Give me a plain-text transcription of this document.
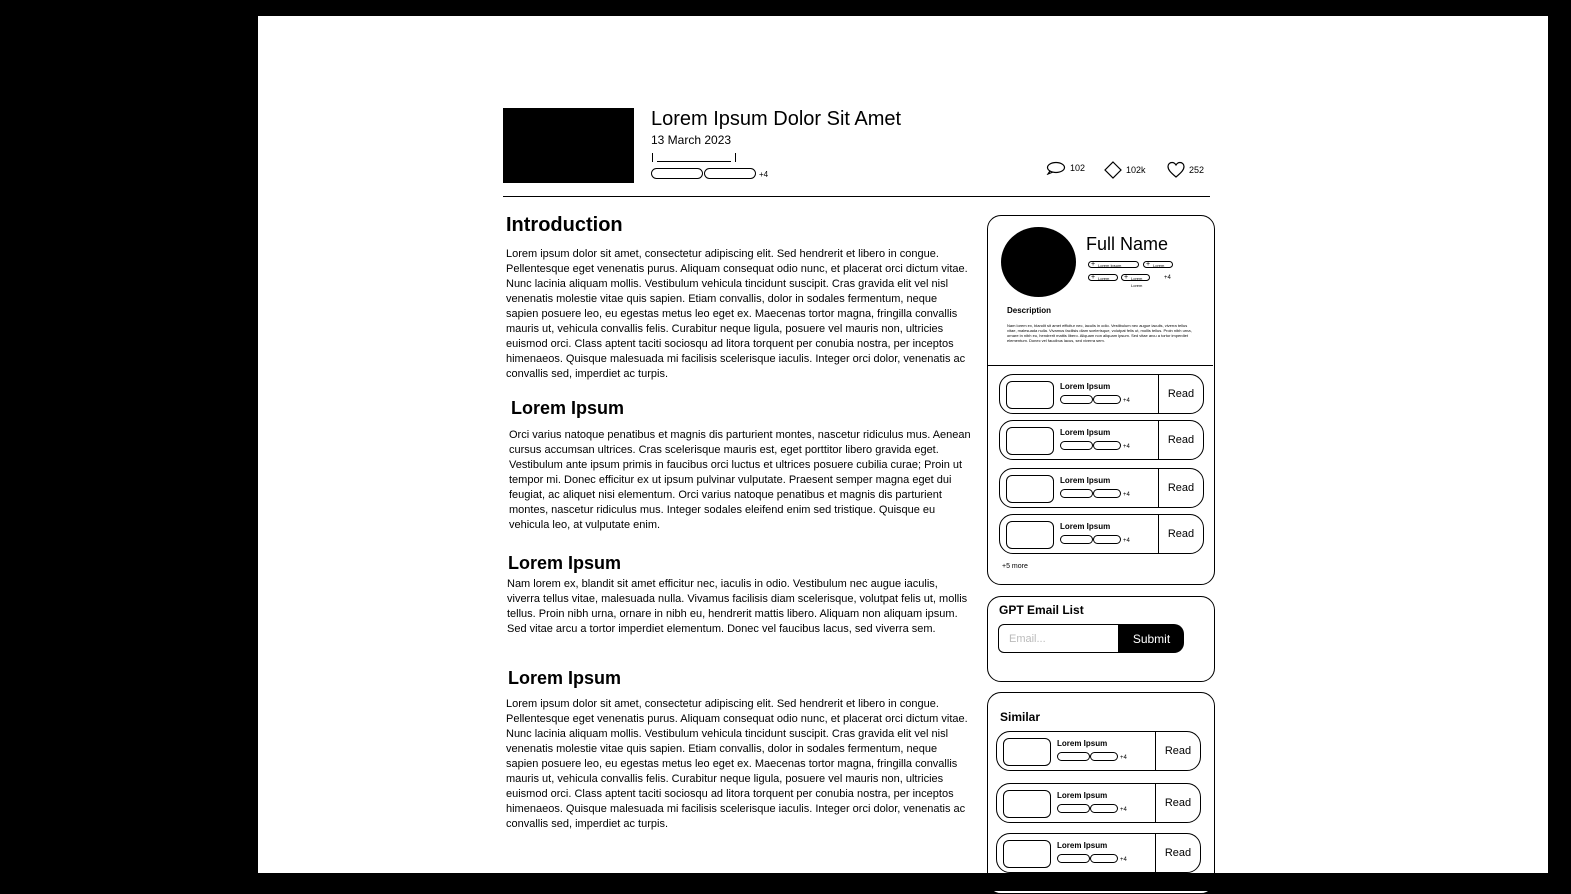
Lorem Ipsum Dolor Sit Amet
13 March 2023
+4
102	102k	252
Introduction
Lorem ipsum dolor sit amet, consectetur adipiscing elit. Sed hendrerit et libero in congue. Pellentesque eget venenatis purus. Aliquam consequat odio nunc, et placerat orci dictum vitae. Nunc lacinia aliquam mollis. Vestibulum vehicula tincidunt suscipit. Cras gravida elit vel nisl venenatis molestie vitae quis sapien. Etiam convallis, dolor in sodales fermentum, neque sapien posuere leo, eu egestas metus leo eget ex. Maecenas tortor magna, fringilla convallis mauris ut, vehicula convallis felis. Curabitur neque ligula, posuere vel mauris non, ultricies euismod orci. Class aptent taciti sociosqu ad litora torquent per conubia nostra, per inceptos himenaeos. Quisque malesuada mi facilisis scelerisque iaculis. Integer orci dolor, venenatis ac convallis sed, imperdiet ac turpis.
Lorem Ipsum
Orci varius natoque penatibus et magnis dis parturient montes, nascetur ridiculus mus. Aenean cursus accumsan ultrices. Cras scelerisque mauris est, eget porttitor libero gravida eget. Vestibulum ante ipsum primis in faucibus orci luctus et ultrices posuere cubilia curae; Proin ut tempor mi. Donec efficitur ex ut ipsum pulvinar vulputate. Praesent semper magna eget dui feugiat, ac aliquet nisi elementum. Orci varius natoque penatibus et magnis dis parturient montes, nascetur ridiculus mus. Integer sodales eleifend enim sed tristique. Quisque eu vehicula leo, at vulputate enim.
Lorem Ipsum
Nam lorem ex, blandit sit amet efficitur nec, iaculis in odio. Vestibulum nec augue iaculis, viverra tellus vitae, malesuada nulla. Vivamus facilisis diam scelerisque, volutpat felis ut, mollis tellus. Proin nibh urna, ornare in nibh eu, hendrerit mattis libero. Aliquam non aliquam ipsum. Sed vitae arcu a tortor imperdiet elementum. Donec vel faucibus lacus, sed viverra sem.
Lorem Ipsum
Lorem ipsum dolor sit amet, consectetur adipiscing elit. Sed hendrerit et libero in congue. Pellentesque eget venenatis purus. Aliquam consequat odio nunc, et placerat orci dictum vitae. Nunc lacinia aliquam mollis. Vestibulum vehicula tincidunt suscipit. Cras gravida elit vel nisl venenatis molestie vitae quis sapien. Etiam convallis, dolor in sodales fermentum, neque sapien posuere leo, eu egestas metus leo eget ex. Maecenas tortor magna, fringilla convallis mauris ut, vehicula convallis felis. Curabitur neque ligula, posuere vel mauris non, ultricies euismod orci. Class aptent taciti sociosqu ad litora torquent per conubia nostra, per inceptos himenaeos. Quisque malesuada mi facilisis scelerisque iaculis. Integer orci dolor, venenatis ac convallis sed, imperdiet ac turpis.
Full Name
+ Lorem Ipsum	+ Lorem
+ Lorem	+ Lorem Lorem
+4
Description
Nam lorem ex, blandit sit amet efficitur nec, iaculis in odio. Vestibulum nec augue iaculis, viverra tellus vitae, malesuada nulla. Vivamus facilisis diam scelerisque, volutpat felis ut, mollis tellus. Proin nibh urna, ornare in nibh eu, hendrerit mattis libero. Aliquam non aliquam ipsum. Sed vitae arcu a tortor imperdiet elementum. Donec vel faucibus lacus, sed viverra sem.
Lorem Ipsum
+4
Read
Lorem Ipsum
+4
Read
Lorem Ipsum
+4
Read
Lorem Ipsum
+4
Read
+5 more
GPT Email List
Email...
Submit
Similar
Lorem Ipsum
+4
Read
Lorem Ipsum
+4
Read
Lorem Ipsum
+4
Read
